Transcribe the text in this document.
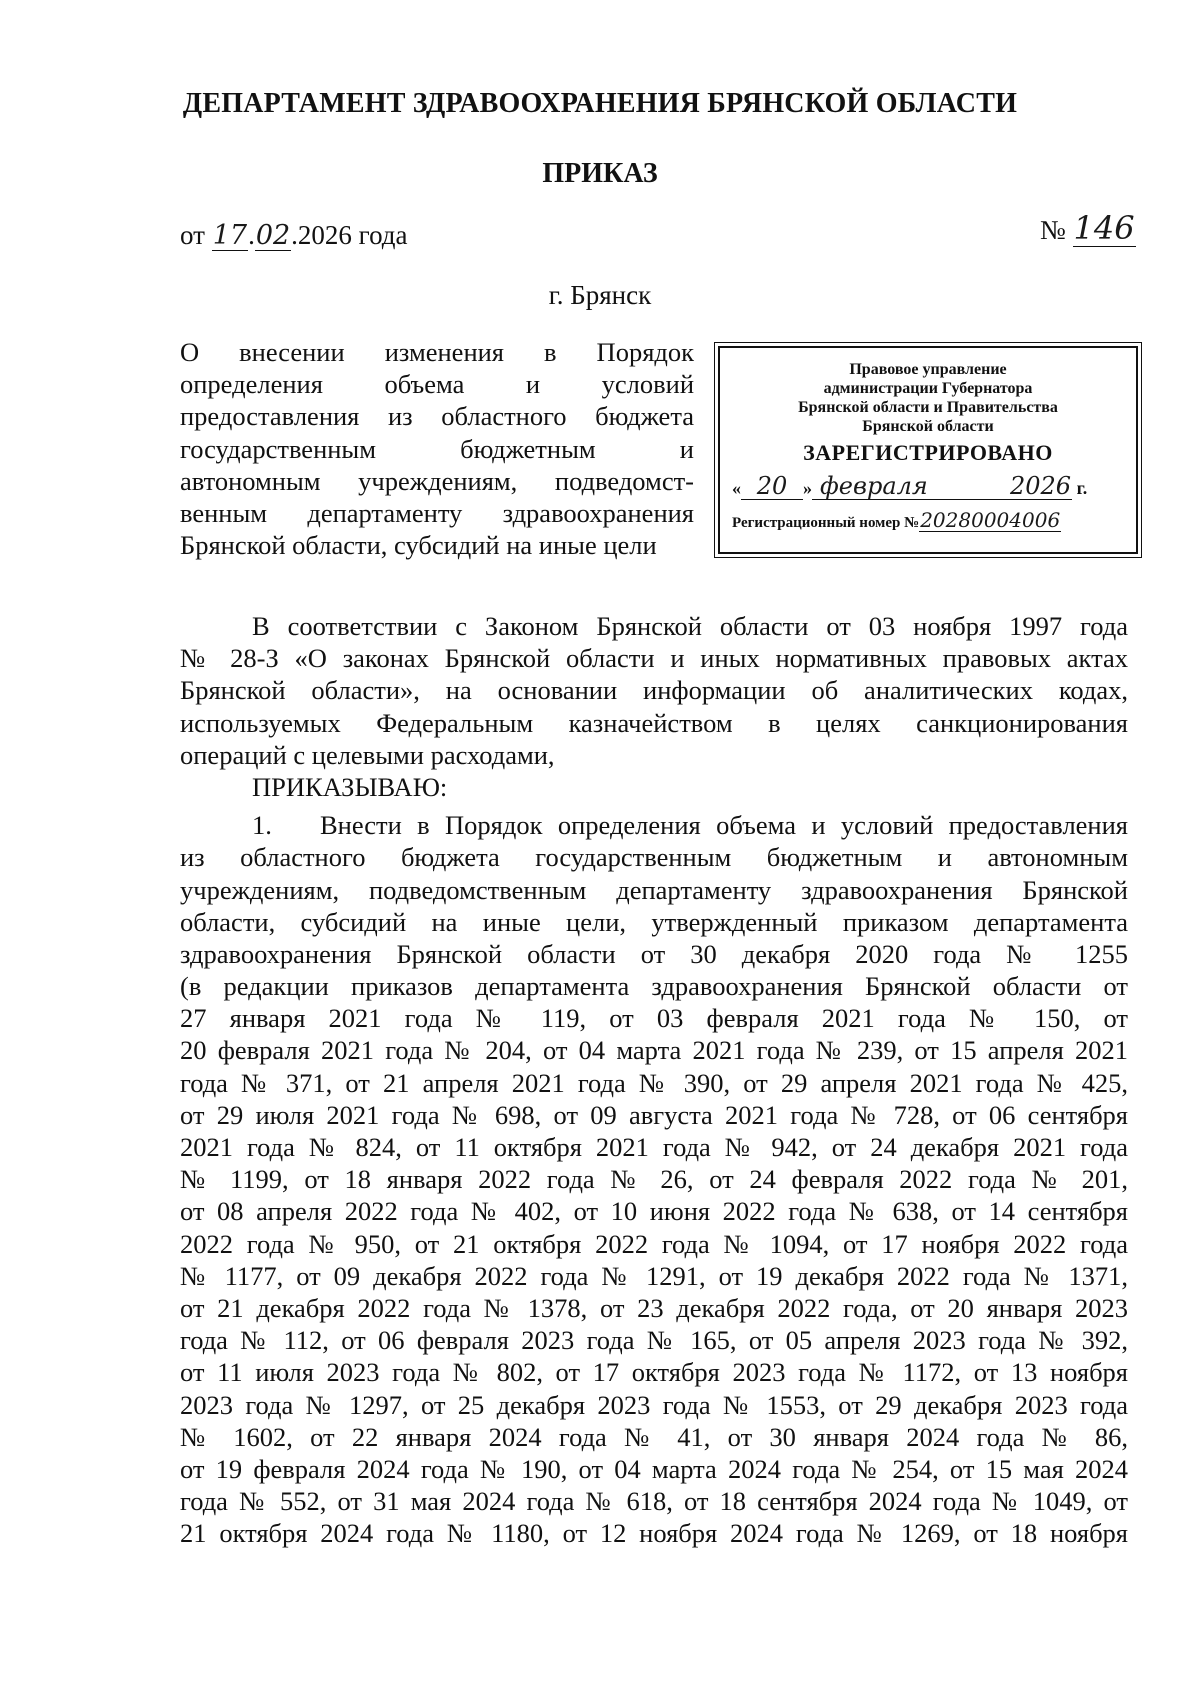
ДЕПАРТАМЕНТ ЗДРАВООХРАНЕНИЯ БРЯНСКОЙ ОБЛАСТИ
ПРИКАЗ
от 17.02.2026 года	№ 146
г. Брянск
О внесении изменения в Порядок
определения объема и условий
предоставления из областного бюджета
государственным бюджетным и
автономным учреждениям, подведомст-
венным департаменту здравоохранения
Брянской области, субсидий на иные цели
Правовое управление
администрации Губернатора
Брянской области и Правительства
Брянской области
ЗАРЕГИСТРИРОВАНО
« 20 » февраля	2026 г.
Регистрационный номер №20280004006
В соответствии с Законом Брянской области от 03 ноября 1997 года
№ 28-З «О законах Брянской области и иных нормативных правовых актах
Брянской области», на основании информации об аналитических кодах,
используемых Федеральным казначейством в целях санкционирования
операций с целевыми расходами,
ПРИКАЗЫВАЮ:
1. Внести в Порядок определения объема и условий предоставления
из областного бюджета государственным бюджетным и автономным
учреждениям, подведомственным департаменту здравоохранения Брянской
области, субсидий на иные цели, утвержденный приказом департамента
здравоохранения Брянской области от 30 декабря 2020 года № 1255
(в редакции приказов департамента здравоохранения Брянской области от
27 января 2021 года № 119, от 03 февраля 2021 года № 150, от
20 февраля 2021 года № 204, от 04 марта 2021 года № 239, от 15 апреля 2021
года № 371, от 21 апреля 2021 года № 390, от 29 апреля 2021 года № 425,
от 29 июля 2021 года № 698, от 09 августа 2021 года № 728, от 06 сентября
2021 года № 824, от 11 октября 2021 года № 942, от 24 декабря 2021 года
№ 1199, от 18 января 2022 года № 26, от 24 февраля 2022 года № 201,
от 08 апреля 2022 года № 402, от 10 июня 2022 года № 638, от 14 сентября
2022 года № 950, от 21 октября 2022 года № 1094, от 17 ноября 2022 года
№ 1177, от 09 декабря 2022 года № 1291, от 19 декабря 2022 года № 1371,
от 21 декабря 2022 года № 1378, от 23 декабря 2022 года, от 20 января 2023
года № 112, от 06 февраля 2023 года № 165, от 05 апреля 2023 года № 392,
от 11 июля 2023 года № 802, от 17 октября 2023 года № 1172, от 13 ноября
2023 года № 1297, от 25 декабря 2023 года № 1553, от 29 декабря 2023 года
№ 1602, от 22 января 2024 года № 41, от 30 января 2024 года № 86,
от 19 февраля 2024 года № 190, от 04 марта 2024 года № 254, от 15 мая 2024
года № 552, от 31 мая 2024 года № 618, от 18 сентября 2024 года № 1049, от
21 октября 2024 года № 1180, от 12 ноября 2024 года № 1269, от 18 ноября
